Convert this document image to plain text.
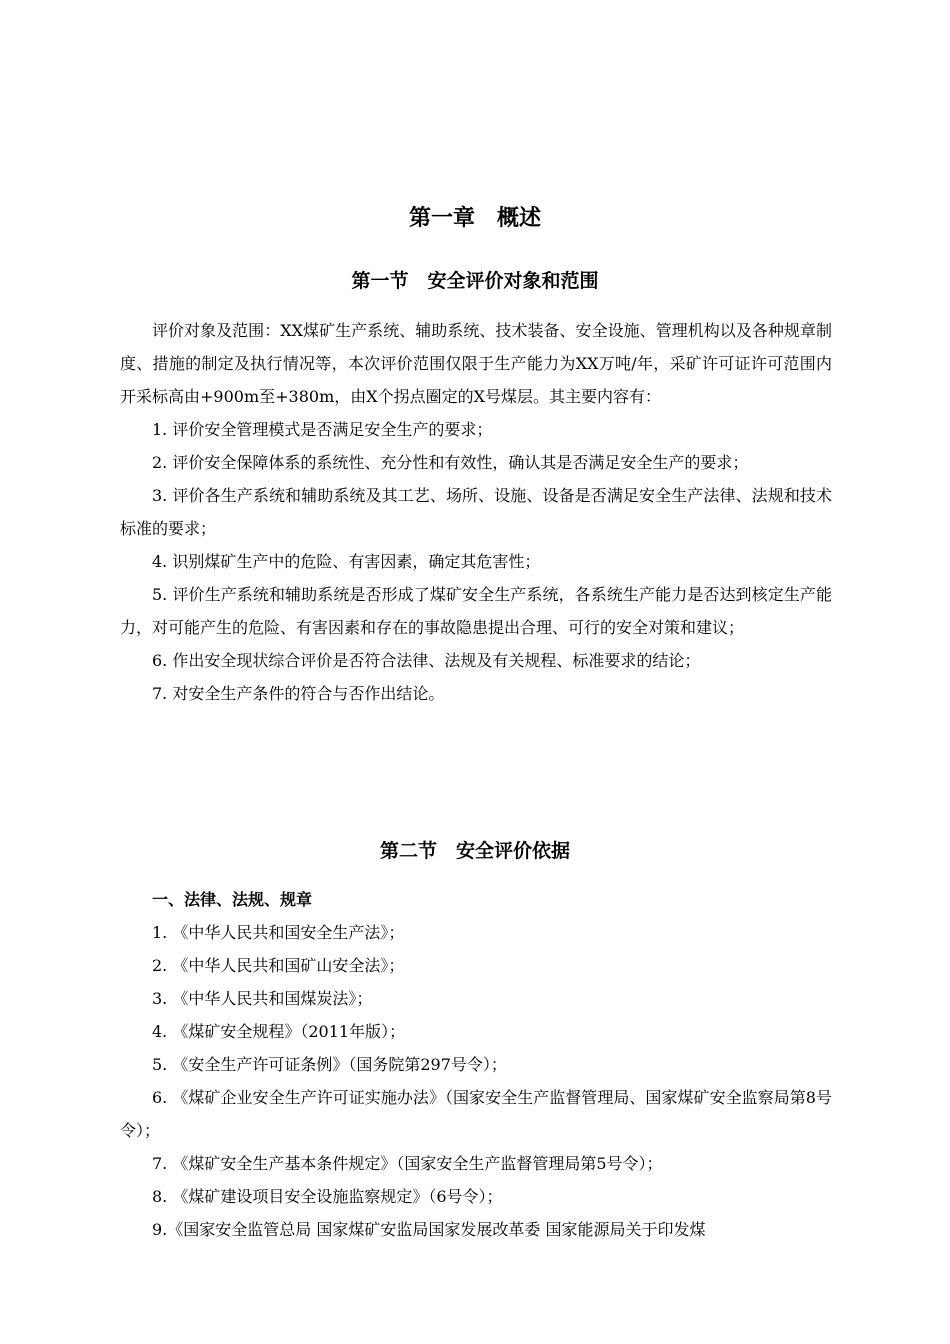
第一章　概述
第一节　安全评价对象和范围

评价对象及范围：XX煤矿生产系统、辅助系统、技术装备、安全设施、管理机构以及各种规章制度、措施的制定及执行情况等，本次评价范围仅限于生产能力为XX万吨/年，采矿许可证许可范围内开采标高由+900m至+380m，由X个拐点圈定的X号煤层。其主要内容有：

1. 评价安全管理模式是否满足安全生产的要求；

2. 评价安全保障体系的系统性、充分性和有效性，确认其是否满足安全生产的要求；

3. 评价各生产系统和辅助系统及其工艺、场所、设施、设备是否满足安全生产法律、法规和技术标准的要求；

4. 识别煤矿生产中的危险、有害因素，确定其危害性；

5. 评价生产系统和辅助系统是否形成了煤矿安全生产系统，各系统生产能力是否达到核定生产能力，对可能产生的危险、有害因素和存在的事故隐患提出合理、可行的安全对策和建议；

6. 作出安全现状综合评价是否符合法律、法规及有关规程、标准要求的结论；

7. 对安全生产条件的符合与否作出结论。

第二节　安全评价依据

一、法律、法规、规章

1. 《中华人民共和国安全生产法》；

2. 《中华人民共和国矿山安全法》；

3. 《中华人民共和国煤炭法》；

4. 《煤矿安全规程》（2011年版）；

5. 《安全生产许可证条例》（国务院第297号令）；

6. 《煤矿企业安全生产许可证实施办法》（国家安全生产监督管理局、国家煤矿安全监察局第8号令）；

7. 《煤矿安全生产基本条件规定》（国家安全生产监督管理局第5号令）；

8. 《煤矿建设项目安全设施监察规定》（6号令）；

9.《国家安全监管总局 国家煤矿安监局国家发展改革委 国家能源局关于印发煤
